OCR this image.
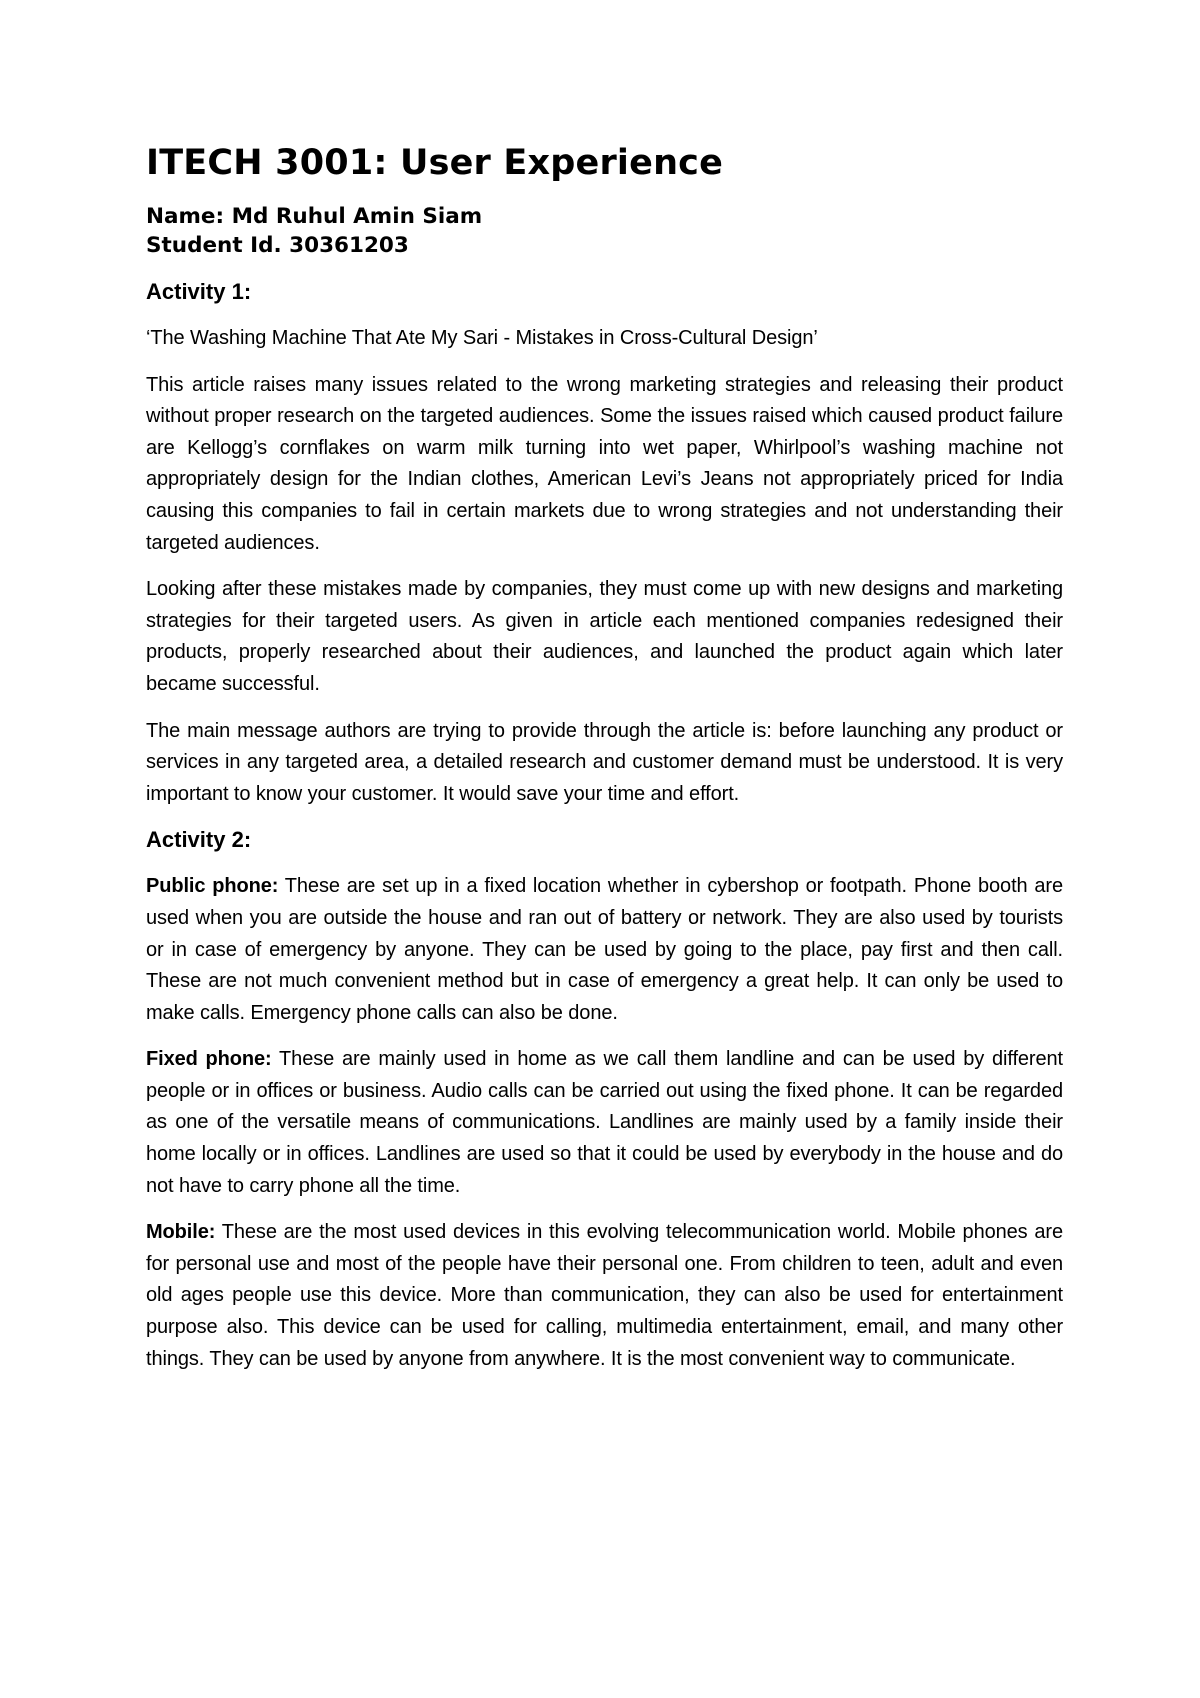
ITECH 3001: User Experience

Name: Md Ruhul Amin Siam

Student Id. 30361203

Activity 1:

‘The Washing Machine That Ate My Sari - Mistakes in Cross-Cultural Design’

This article raises many issues related to the wrong marketing strategies and releasing their product without proper research on the targeted audiences. Some the issues raised which caused product failure are Kellogg’s cornflakes on warm milk turning into wet paper, Whirlpool’s washing machine not appropriately design for the Indian clothes, American Levi’s Jeans not appropriately priced for India causing this companies to fail in certain markets due to wrong strategies and not understanding their targeted audiences.

Looking after these mistakes made by companies, they must come up with new designs and marketing strategies for their targeted users. As given in article each mentioned companies redesigned their products, properly researched about their audiences, and launched the product again which later became successful.

The main message authors are trying to provide through the article is: before launching any product or services in any targeted area, a detailed research and customer demand must be understood. It is very important to know your customer. It would save your time and effort.

Activity 2:

Public phone: These are set up in a fixed location whether in cybershop or footpath. Phone booth are used when you are outside the house and ran out of battery or network. They are also used by tourists or in case of emergency by anyone. They can be used by going to the place, pay first and then call. These are not much convenient method but in case of emergency a great help. It can only be used to make calls. Emergency phone calls can also be done.

Fixed phone: These are mainly used in home as we call them landline and can be used by different people or in offices or business. Audio calls can be carried out using the fixed phone. It can be regarded as one of the versatile means of communications. Landlines are mainly used by a family inside their home locally or in offices. Landlines are used so that it could be used by everybody in the house and do not have to carry phone all the time.

Mobile: These are the most used devices in this evolving telecommunication world. Mobile phones are for personal use and most of the people have their personal one. From children to teen, adult and even old ages people use this device. More than communication, they can also be used for entertainment purpose also. This device can be used for calling, multimedia entertainment, email, and many other things. They can be used by anyone from anywhere. It is the most convenient way to communicate.
